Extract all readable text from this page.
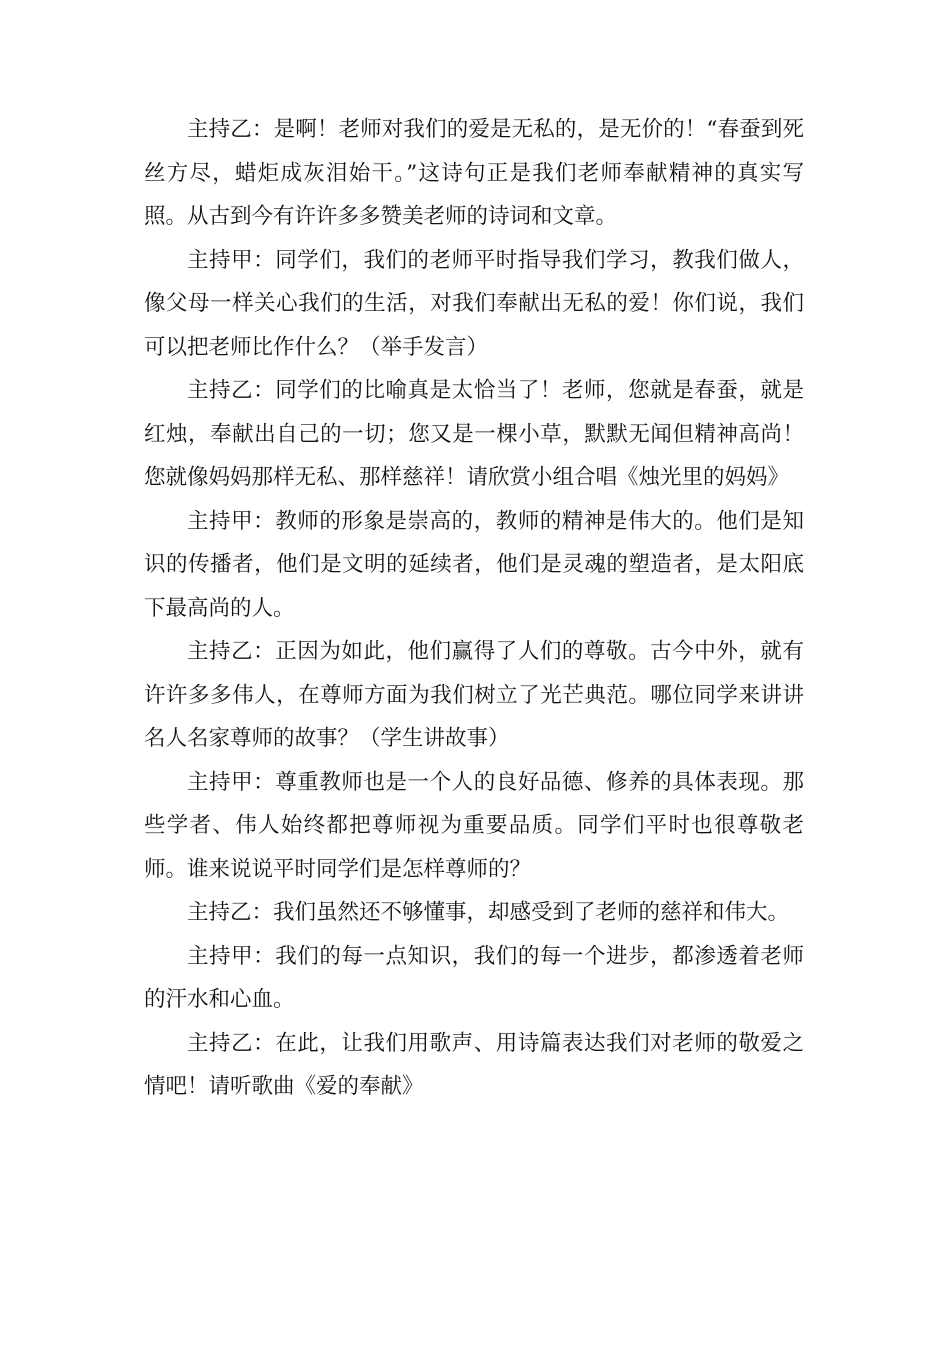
主持乙：是啊！老师对我们的爱是无私的，是无价的！“春蚕到死丝方尽，蜡炬成灰泪始干。”这诗句正是我们老师奉献精神的真实写照。从古到今有许许多多赞美老师的诗词和文章。

主持甲：同学们，我们的老师平时指导我们学习，教我们做人，像父母一样关心我们的生活，对我们奉献出无私的爱！你们说，我们可以把老师比作什么？（举手发言）

主持乙：同学们的比喻真是太恰当了！老师，您就是春蚕，就是红烛，奉献出自己的一切；您又是一棵小草，默默无闻但精神高尚！您就像妈妈那样无私、那样慈祥！请欣赏小组合唱《烛光里的妈妈》

主持甲：教师的形象是崇高的，教师的精神是伟大的。他们是知识的传播者，他们是文明的延续者，他们是灵魂的塑造者，是太阳底下最高尚的人。

主持乙：正因为如此，他们赢得了人们的尊敬。古今中外，就有许许多多伟人，在尊师方面为我们树立了光芒典范。哪位同学来讲讲名人名家尊师的故事？（学生讲故事）

主持甲：尊重教师也是一个人的良好品德、修养的具体表现。那些学者、伟人始终都把尊师视为重要品质。同学们平时也很尊敬老师。谁来说说平时同学们是怎样尊师的？

主持乙：我们虽然还不够懂事，却感受到了老师的慈祥和伟大。

主持甲：我们的每一点知识，我们的每一个进步，都渗透着老师的汗水和心血。

主持乙：在此，让我们用歌声、用诗篇表达我们对老师的敬爱之情吧！请听歌曲《爱的奉献》
